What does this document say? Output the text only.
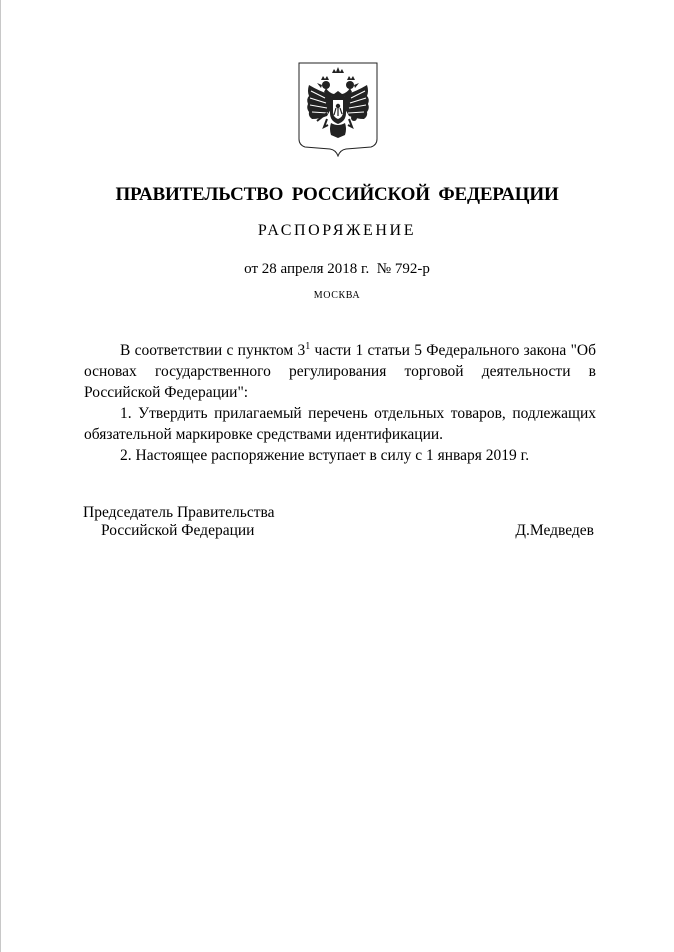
ПРАВИТЕЛЬСТВО РОССИЙСКОЙ ФЕДЕРАЦИИ
РАСПОРЯЖЕНИЕ
от 28 апреля 2018 г.  № 792-р
МОСКВА

В соответствии с пунктом $3^1$ части 1 статьи 5 Федерального закона "Об основах государственного регулирования торговой деятельности в Российской Федерации":

1. Утвердить прилагаемый перечень отдельных товаров, подлежащих обязательной маркировке средствами идентификации.

2. Настоящее распоряжение вступает в силу с 1 января 2019 г.

Председатель Правительства
Российской Федерации	Д.Медведев
